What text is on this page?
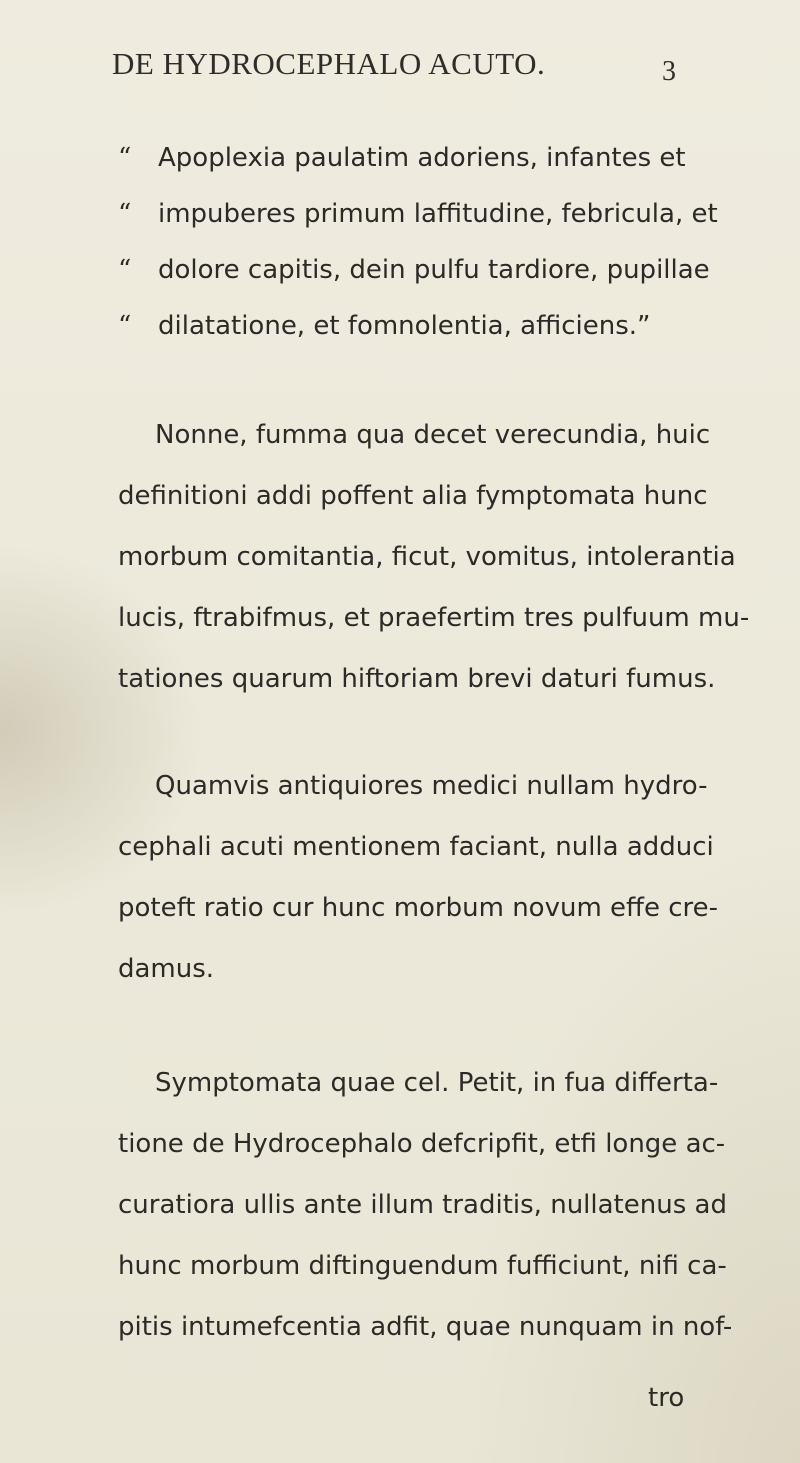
DE HYDROCEPHALO ACUTO.	3
“ Apoplexia paulatim adoriens, infantes et
“ impuberes primum laffitudine, febricula, et
“ dolore capitis, dein pulfu tardiore, pupillae
“ dilatatione, et fomnolentia, afficiens.”
Nonne, fumma qua decet verecundia, huic
definitioni addi poffent alia fymptomata hunc
morbum comitantia, ficut, vomitus, intolerantia
lucis, ftrabifmus, et praefertim tres pulfuum mu-
tationes quarum hiftoriam brevi daturi fumus.
Quamvis antiquiores medici nullam hydro-
cephali acuti mentionem faciant, nulla adduci
poteft ratio cur hunc morbum novum effe cre-
damus.
Symptomata quae cel. Petit, in fua differta-
tione de Hydrocephalo defcripfit, etfi longe ac-
curatiora ullis ante illum traditis, nullatenus ad
hunc morbum diftinguendum fufficiunt, nifi ca-
pitis intumefcentia adfit, quae nunquam in nof-
tro
